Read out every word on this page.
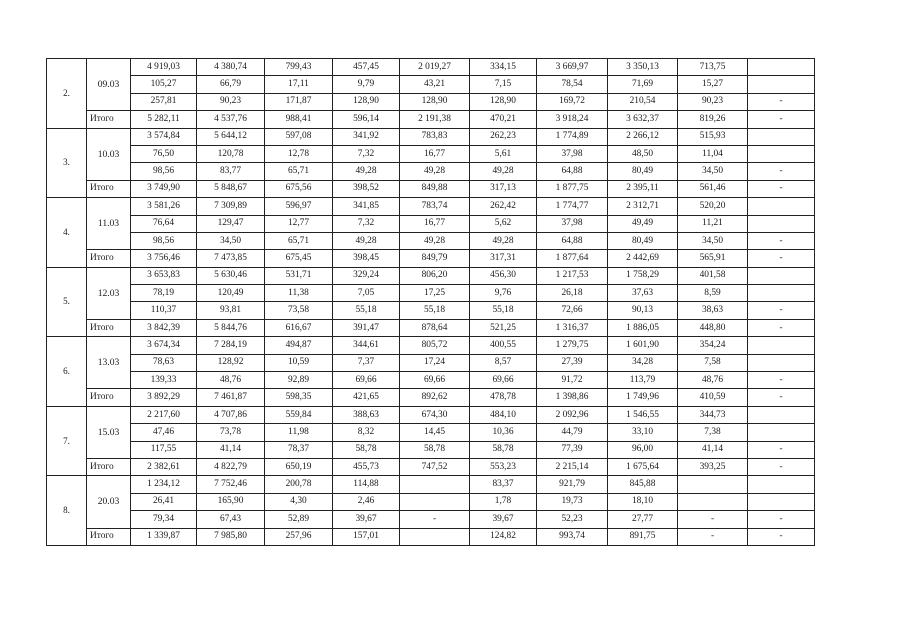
2.	09.03	4 919,03	4 380,74	799,43	457,45	2 019,27	334,15	3 669,97	3 350,13	713,75	
		105,27	66,79	17,11	9,79	43,21	7,15	78,54	71,69	15,27	
		257,81	90,23	171,87	128,90	128,90	128,90	169,72	210,54	90,23	-
	Итого	5 282,11	4 537,76	988,41	596,14	2 191,38	470,21	3 918,24	3 632,37	819,26	-
3.	10.03	3 574,84	5 644,12	597,08	341,92	783,83	262,23	1 774,89	2 266,12	515,93	
		76,50	120,78	12,78	7,32	16,77	5,61	37,98	48,50	11,04	
		98,56	83,77	65,71	49,28	49,28	49,28	64,88	80,49	34,50	-
	Итого	3 749,90	5 848,67	675,56	398,52	849,88	317,13	1 877,75	2 395,11	561,46	-
4.	11.03	3 581,26	7 309,89	596,97	341,85	783,74	262,42	1 774,77	2 312,71	520,20	
		76,64	129,47	12,77	7,32	16,77	5,62	37,98	49,49	11,21	
		98,56	34,50	65,71	49,28	49,28	49,28	64,88	80,49	34,50	-
	Итого	3 756,46	7 473,85	675,45	398,45	849,79	317,31	1 877,64	2 442,69	565,91	-
5.	12.03	3 653,83	5 630,46	531,71	329,24	806,20	456,30	1 217,53	1 758,29	401,58	
		78,19	120,49	11,38	7,05	17,25	9,76	26,18	37,63	8,59	
		110,37	93,81	73,58	55,18	55,18	55,18	72,66	90,13	38,63	-
	Итого	3 842,39	5 844,76	616,67	391,47	878,64	521,25	1 316,37	1 886,05	448,80	-
6.	13.03	3 674,34	7 284,19	494,87	344,61	805,72	400,55	1 279,75	1 601,90	354,24	
		78,63	128,92	10,59	7,37	17,24	8,57	27,39	34,28	7,58	
		139,33	48,76	92,89	69,66	69,66	69,66	91,72	113,79	48,76	-
	Итого	3 892,29	7 461,87	598,35	421,65	892,62	478,78	1 398,86	1 749,96	410,59	-
7.	15.03	2 217,60	4 707,86	559,84	388,63	674,30	484,10	2 092,96	1 546,55	344,73	
		47,46	73,78	11,98	8,32	14,45	10,36	44,79	33,10	7,38	
		117,55	41,14	78,37	58,78	58,78	58,78	77,39	96,00	41,14	-
	Итого	2 382,61	4 822,79	650,19	455,73	747,52	553,23	2 215,14	1 675,64	393,25	-
8.	20.03	1 234,12	7 752,46	200,78	114,88		83,37	921,79	845,88		
		26,41	165,90	4,30	2,46		1,78	19,73	18,10		
		79,34	67,43	52,89	39,67	-	39,67	52,23	27,77	-	-
	Итого	1 339,87	7 985,80	257,96	157,01		124,82	993,74	891,75	-	-
